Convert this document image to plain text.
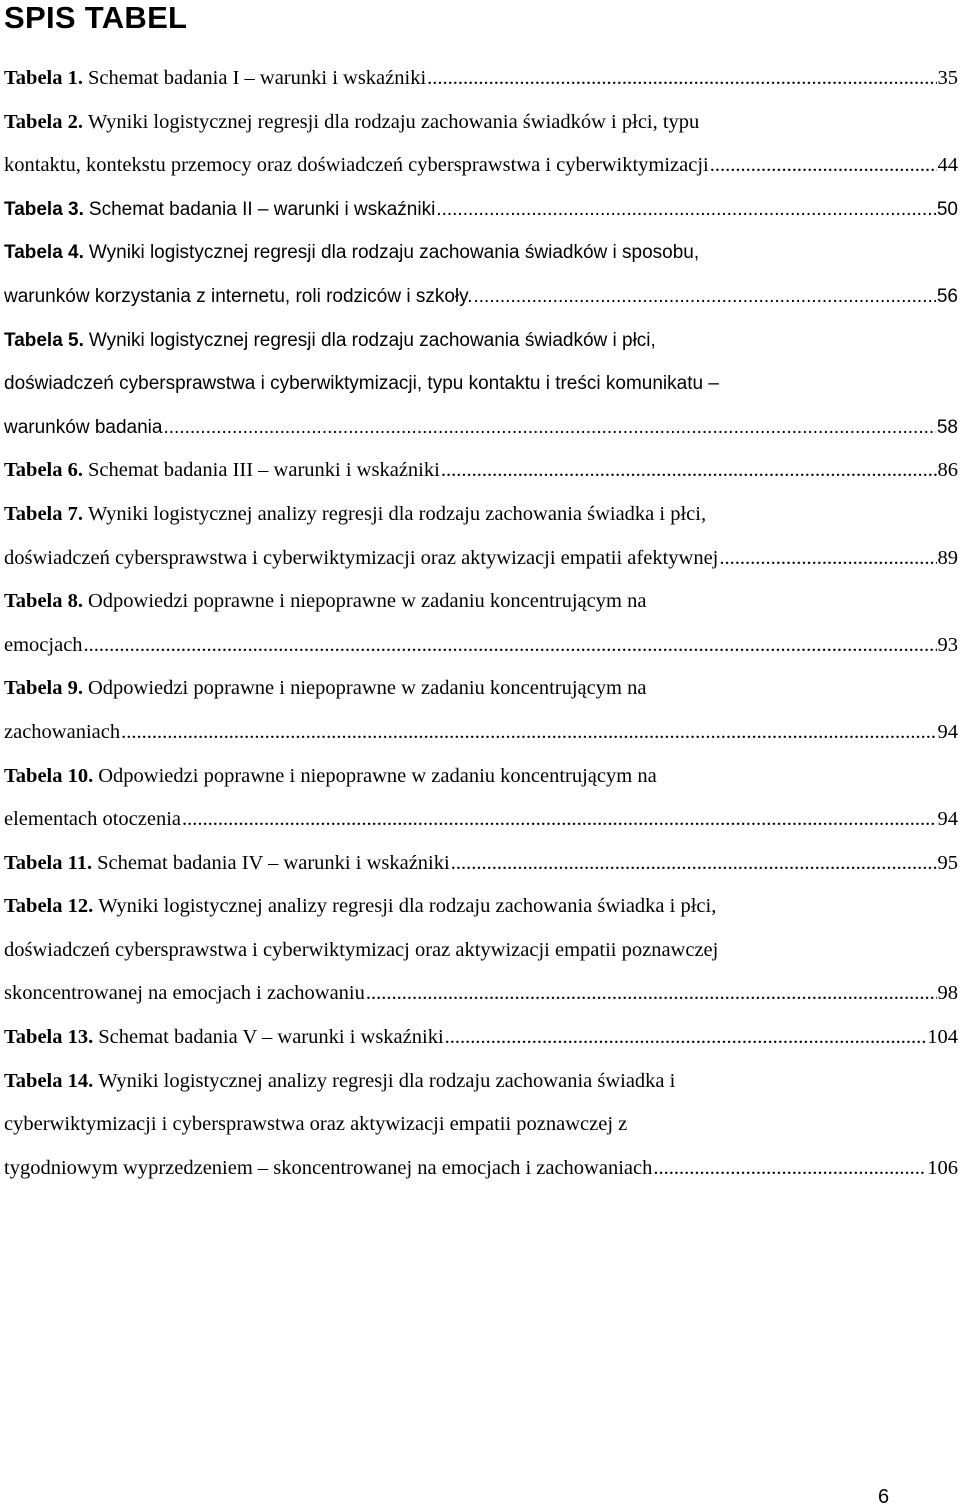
SPIS TABEL
Tabela 1. Schemat badania I – warunki i wskaźniki .....	35
Tabela 2. Wyniki logistycznej regresji dla rodzaju zachowania świadków i płci, typu
kontaktu, kontekstu przemocy oraz doświadczeń cybersprawstwa i cyberwiktymizacji .....	44
Tabela 3. Schemat badania II – warunki i wskaźniki .....	50
Tabela 4. Wyniki logistycznej regresji dla rodzaju zachowania świadków i sposobu,
warunków korzystania z internetu, roli rodziców i szkoły. .....	56
Tabela 5. Wyniki logistycznej regresji dla rodzaju zachowania świadków i płci,
doświadczeń cybersprawstwa i cyberwiktymizacji, typu kontaktu i treści komunikatu –
warunków badania .....	58
Tabela 6. Schemat badania III – warunki i wskaźniki .....	86
Tabela 7. Wyniki logistycznej analizy regresji dla rodzaju zachowania świadka i płci,
doświadczeń cybersprawstwa i cyberwiktymizacji oraz aktywizacji empatii afektywnej .....	89
Tabela 8. Odpowiedzi poprawne i niepoprawne w zadaniu koncentrującym na
emocjach .....	93
Tabela 9. Odpowiedzi poprawne i niepoprawne w zadaniu koncentrującym na
zachowaniach .....	94
Tabela 10. Odpowiedzi poprawne i niepoprawne w zadaniu koncentrującym na
elementach otoczenia .....	94
Tabela 11. Schemat badania IV – warunki i wskaźniki .....	95
Tabela 12. Wyniki logistycznej analizy regresji dla rodzaju zachowania świadka i płci,
doświadczeń cybersprawstwa i cyberwiktymizacj oraz aktywizacji empatii poznawczej
skoncentrowanej na emocjach i zachowaniu .....	98
Tabela 13. Schemat badania V – warunki i wskaźniki .....	104
Tabela 14. Wyniki logistycznej analizy regresji dla rodzaju zachowania świadka i
cyberwiktymizacji i cybersprawstwa oraz aktywizacji empatii poznawczej z
tygodniowym wyprzedzeniem – skoncentrowanej na emocjach i zachowaniach .....	106
6
